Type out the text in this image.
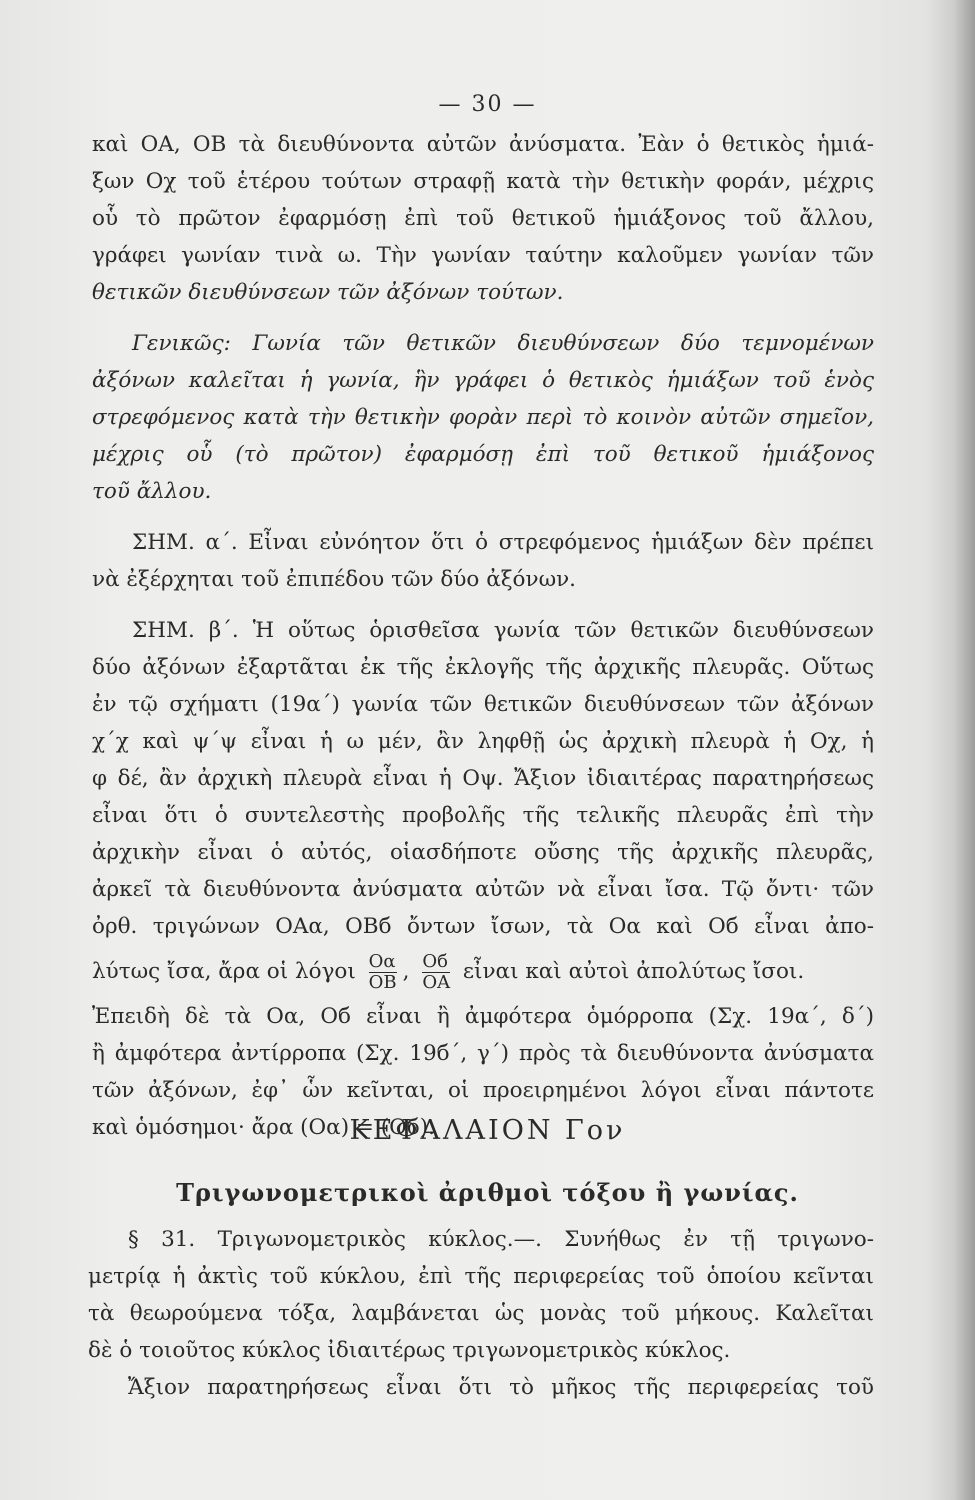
— 30 —
καὶ ΟΑ, ΟΒ τὰ διευθύνοντα αὐτῶν ἀνύσματα. Ἐὰν ὁ θετικὸς ἡμιά-
ξων Οχ τοῦ ἑτέρου τούτων στραφῇ κατὰ τὴν θετικὴν φοράν, μέχρις
οὗ τὸ πρῶτον ἐφαρμόσῃ ἐπὶ τοῦ θετικοῦ ἡμιάξονος τοῦ ἄλλου,
γράφει γωνίαν τινὰ ω. Τὴν γωνίαν ταύτην καλοῦμεν γωνίαν τῶν
θετικῶν διευθύνσεων τῶν ἀξόνων τούτων.
Γενικῶς: Γωνία τῶν θετικῶν διευθύνσεων δύο τεμνομένων
ἀξόνων καλεῖται ἡ γωνία, ἣν γράφει ὁ θετικὸς ἡμιάξων τοῦ ἑνὸς
στρεφόμενος κατὰ τὴν θετικὴν φορὰν περὶ τὸ κοινὸν αὐτῶν σημεῖον,
μέχρις οὗ (τὸ πρῶτον) ἐφαρμόσῃ ἐπὶ τοῦ θετικοῦ ἡμιάξονος
τοῦ ἄλλου.
ΣΗΜ. α΄. Εἶναι εὐνόητον ὅτι ὁ στρεφόμενος ἡμιάξων δὲν πρέπει
νὰ ἐξέρχηται τοῦ ἐπιπέδου τῶν δύο ἀξόνων.
ΣΗΜ. β΄. Ἡ οὕτως ὁρισθεῖσα γωνία τῶν θετικῶν διευθύνσεων
δύο ἀξόνων ἐξαρτᾶται ἐκ τῆς ἐκλογῆς τῆς ἀρχικῆς πλευρᾶς. Οὕτως
ἐν τῷ σχήματι (19α΄) γωνία τῶν θετικῶν διευθύνσεων τῶν ἀξόνων
χ΄χ καὶ ψ΄ψ εἶναι ἡ ω μέν, ἂν ληφθῇ ὡς ἀρχικὴ πλευρὰ ἡ Οχ, ἡ
φ δέ, ἂν ἀρχικὴ πλευρὰ εἶναι ἡ Οψ. Ἄξιον ἰδιαιτέρας παρατηρήσεως
εἶναι ὅτι ὁ συντελεστὴς προβολῆς τῆς τελικῆς πλευρᾶς ἐπὶ τὴν
ἀρχικὴν εἶναι ὁ αὐτός, οἱασδήποτε οὔσης τῆς ἀρχικῆς πλευρᾶς,
ἀρκεῖ τὰ διευθύνοντα ἀνύσματα αὐτῶν νὰ εἶναι ἴσα. Τῷ ὄντι· τῶν
ὀρθ. τριγώνων ΟΑα, ΟΒб ὄντων ἴσων, τὰ Οα καὶ Οб εἶναι ἀπο-
λύτως ἴσα, ἄρα οἱ λόγοι $\frac{O\alpha}{OB}$ , $\frac{Oб}{OA}$ εἶναι καὶ αὐτοὶ ἀπολύτως ἴσοι.
Ἐπειδὴ δὲ τὰ Οα, Οб εἶναι ἢ ἀμφότερα ὁμόρροπα (Σχ. 19α΄, δ΄)
ἢ ἀμφότερα ἀντίρροπα (Σχ. 19б΄, γ΄) πρὸς τὰ διευθύνοντα ἀνύσματα
τῶν ἀξόνων, ἐφ᾽ ὧν κεῖνται, οἱ προειρημένοι λόγοι εἶναι πάντοτε
καὶ ὁμόσημοι· ἄρα (Οα) = (Οб).
ΚΕΦΑΛΑΙΟΝ Γον
Τριγωνομετρικοὶ ἀριθμοὶ τόξου ἢ γωνίας.
§ 31. Τριγωνομετρικὸς κύκλος.—. Συνήθως ἐν τῇ τριγωνο-
μετρίᾳ ἡ ἀκτὶς τοῦ κύκλου, ἐπὶ τῆς περιφερείας τοῦ ὁποίου κεῖνται
τὰ θεωρούμενα τόξα, λαμβάνεται ὡς μονὰς τοῦ μήκους. Καλεῖται
δὲ ὁ τοιοῦτος κύκλος ἰδιαιτέρως τριγωνομετρικὸς κύκλος.
Ἄξιον παρατηρήσεως εἶναι ὅτι τὸ μῆκος τῆς περιφερείας τοῦ
